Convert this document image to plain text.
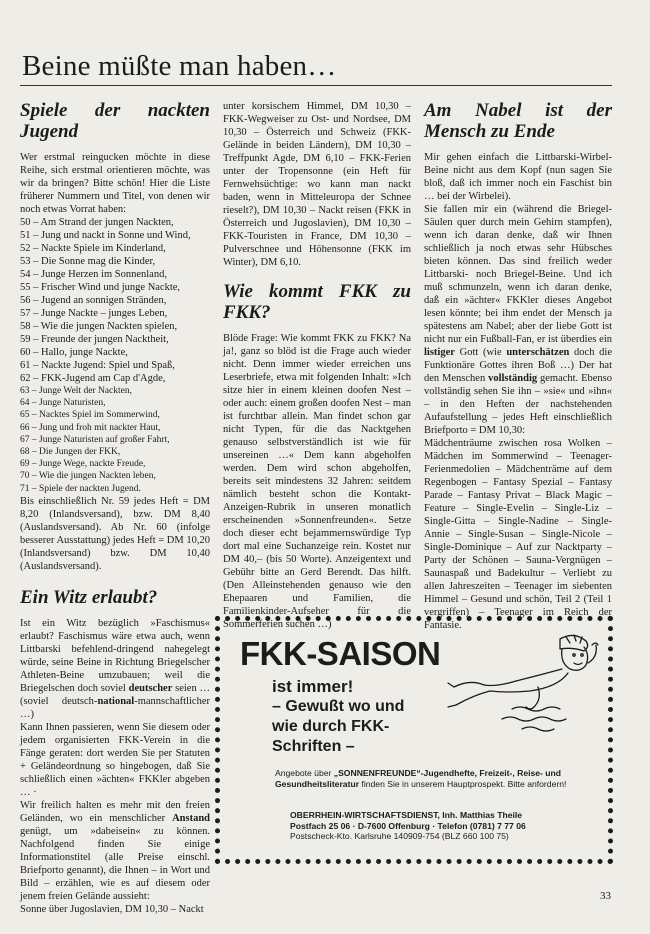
Beine müßte man haben…
Spiele der nackten Jugend

Wer erstmal reingucken möchte in diese Reihe, sich erstmal orientieren möchte, was wir da bringen? Bitte schön! Hier die Liste früherer Nummern und Titel, von denen wir noch etwas Vorrat haben:

50 – Am Strand der jungen Nackten,
51 – Jung und nackt in Sonne und Wind,
52 – Nackte Spiele im Kinderland,
53 – Die Sonne mag die Kinder,
54 – Junge Herzen im Sonnenland,
55 – Frischer Wind und junge Nackte,
56 – Jugend an sonnigen Stränden,
57 – Junge Nackte – junges Leben,
58 – Wie die jungen Nackten spielen,
59 – Freunde der jungen Nacktheit,
60 – Hallo, junge Nackte,
61 – Nackte Jugend: Spiel und Spaß,
62 – FKK-Jugend am Cap d'Agde,
63 – Junge Welt der Nackten,
64 – Junge Naturisten,
65 – Nacktes Spiel im Sommerwind,
66 – Jung und froh mit nackter Haut,
67 – Junge Naturisten auf großer Fahrt,
68 – Die Jungen der FKK,
69 – Junge Wege, nackte Freude,
70 – Wie die jungen Nackten leben,
71 – Spiele der nackten Jugend.

Bis einschließlich Nr. 59 jedes Heft = DM 8,20 (Inlandsversand), bzw. DM 8,40 (Auslandsversand). Ab Nr. 60 (infolge besserer Ausstattung) jedes Heft = DM 10,20 (Inlandsversand) bzw. DM 10,40 (Auslandsversand).

Ein Witz erlaubt?

Ist ein Witz bezüglich »Faschismus« erlaubt? Faschismus wäre etwa auch, wenn Littbarski befehlend-dringend nahegelegt würde, seine Beine in Richtung Briegelscher Athleten-Beine umzubauen; weil die Briegelschen doch soviel deutscher seien … (soviel deutsch-national-mannschaftlicher …)

Kann Ihnen passieren, wenn Sie diesem oder jedem organisierten FKK-Verein in die Fänge geraten: dort werden Sie per Statuten + Geländeordnung so hingebogen, daß Sie schließlich einen »ächten« FKKler abgeben … ·

Wir freilich halten es mehr mit den freien Geländen, wo ein menschlicher Anstand genügt, um »dabeisein« zu können. Nachfolgend finden Sie einige Informationstitel (alle Preise einschl. Briefporto genannt), die Ihnen – in Wort und Bild – erzählen, wie es auf diesem oder jenem freien Gelände aussieht:

Sonne über Jugoslavien, DM 10,30 – Nackt

unter korsischem Himmel, DM 10,30 – FKK-Wegweiser zu Ost- und Nordsee, DM 10,30 – Österreich und Schweiz (FKK-Gelände in beiden Ländern), DM 10,30 – Treffpunkt Agde, DM 6,10 – FKK-Ferien unter der Tropensonne (ein Heft für Fernwehsüchtige: wo kann man nackt baden, wenn in Mitteleuropa der Schnee rieselt?), DM 10,30 – Nackt reisen (FKK in Österreich und Jugoslavien), DM 10,30 – FKK-Touristen in France, DM 10,30 – Pulverschnee und Höhensonne (FKK im Winter), DM 6,10.

Wie kommt FKK zu FKK?

Blöde Frage: Wie kommt FKK zu FKK? Na ja!, ganz so blöd ist die Frage auch wieder nicht. Denn immer wieder erreichen uns Leserbriefe, etwa mit folgenden Inhalt: »Ich sitze hier in einem kleinen doofen Nest – oder auch: einem großen doofen Nest – man ist furchtbar allein. Man findet schon gar nicht Typen, für die das Nacktgehen genauso selbstverständlich ist wie für unsereinen …« Dem kann abgeholfen werden. Dem wird schon abgeholfen, bereits seit mindestens 32 Jahren: seitdem nämlich besteht schon die Kontakt-Anzeigen-Rubrik in unseren monatlich erscheinenden »Sonnenfreunden«. Setze doch dieser echt bejammernswürdige Typ dort mal eine Suchanzeige rein. Kostet nur DM 40,– (bis 50 Worte). Anzeigentext und Gebühr bitte an Gerd Berendt. Das hilft. (Den Alleinstehenden genauso wie den Ehepaaren und Familien, die Familienkinder-Aufseher für die Sommerferien suchen …)

Am Nabel ist der Mensch zu Ende

Mir gehen einfach die Littbarski-Wirbel-Beine nicht aus dem Kopf (nun sagen Sie bloß, daß ich immer noch ein Faschist bin … bei der Wirbelei).

Sie fallen mir ein (während die Briegel-Säulen quer durch mein Gehirn stampfen), wenn ich daran denke, daß wir Ihnen schließlich ja noch etwas sehr Hübsches bieten können. Das sind freilich weder Littbarski- noch Briegel-Beine. Und ich muß schmunzeln, wenn ich daran denke, daß ein »ächter« FKKler dieses Angebot lesen könnte; bei ihm endet der Mensch ja spätestens am Nabel; aber der liebe Gott ist nicht nur ein Fußball-Fan, er ist überdies ein listiger Gott (wie unterschätzen doch die Funktionäre Gottes ihren Boß …) Der hat den Menschen vollständig gemacht. Ebenso vollständig sehen Sie ihn – »sie« und »ihn« – in den Heften der nachstehenden Aufaufstellung – jedes Heft einschließlich Briefporto = DM 10,30:

Mädchenträume zwischen rosa Wolken – Mädchen im Sommerwind – Teenager-Ferienmedolien – Mädchenträme auf dem Regenbogen – Fantasy Spezial – Fantasy Parade – Fantasy Privat – Black Magic – Feature – Single-Evelin – Single-Liz – Single-Gitta – Single-Nadine – Single-Annie – Single-Susan – Single-Nicole – Single-Dominique – Auf zur Nacktparty – Party der Schönen – Sauna-Vergnügen – Saunaspaß und Badekultur – Verliebt zu allen Jahreszeiten – Teenager im siebenten Himmel – Gesund und schön, Teil 2 (Teil 1 vergriffen) – Teenager im Reich der Fantasie.

FKK-SAISON
ist immer!
– Gewußt wo und
wie durch FKK-
Schriften –
Angebote über „SONNENFREUNDE“-Jugendhefte, Freizeit-, Reise- und Gesundheitsliteratur finden Sie in unserem Hauptprospekt. Bitte anfordern!
OBERRHEIN-WIRTSCHAFTSDIENST, Inh. Matthias Theile
Postfach 25 06 · D-7600 Offenburg · Telefon (0781) 7 77 06
Postscheck-Kto. Karlsruhe 140909-754 (BLZ 660 100 75)
33
